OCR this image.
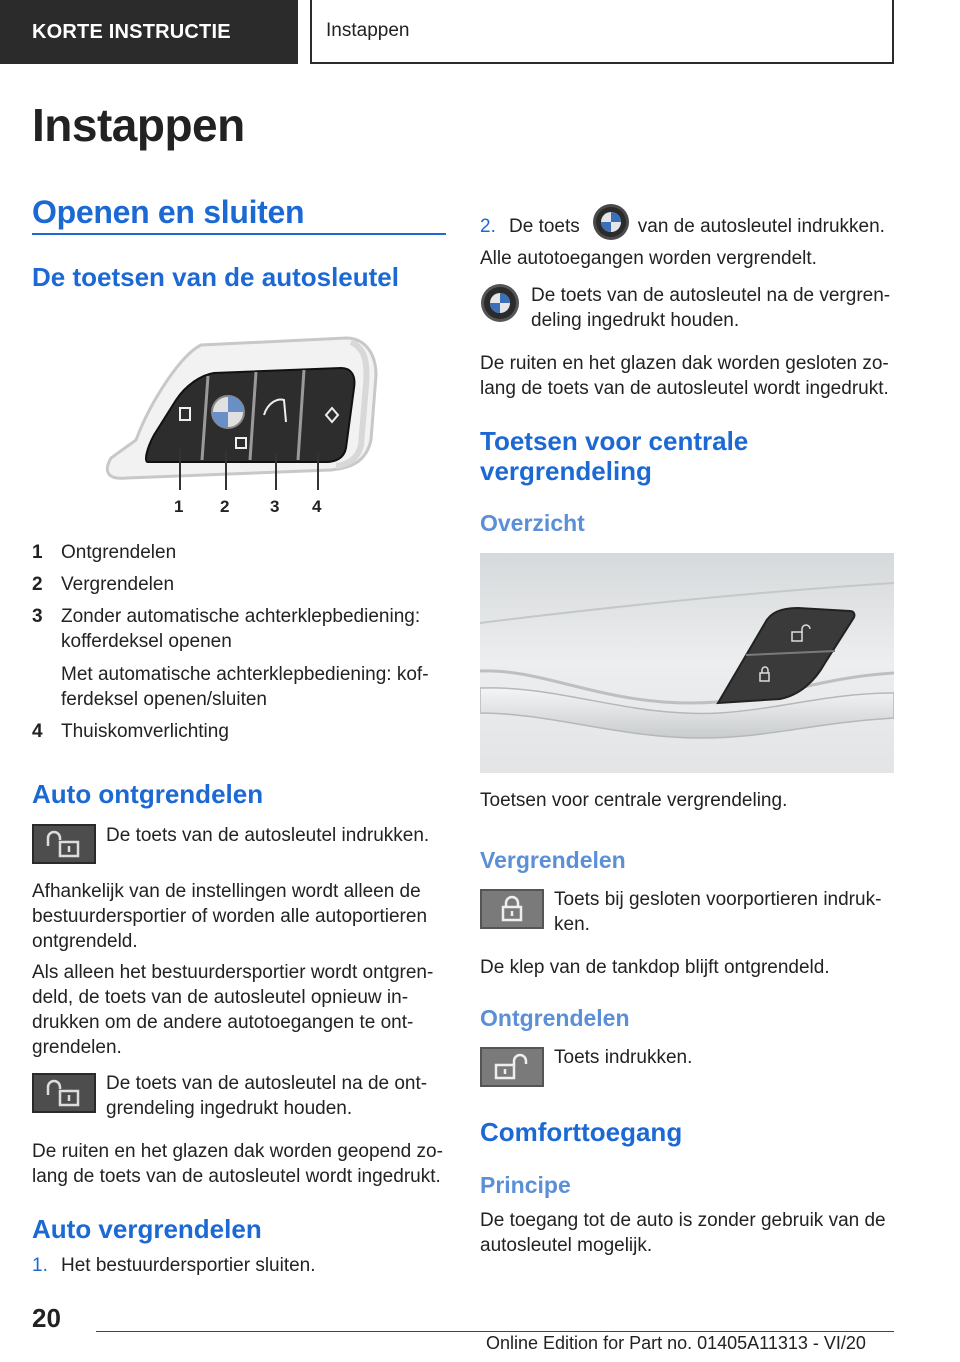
KORTE INSTRUCTIE	Instappen
Instappen
Openen en sluiten
De toetsen van de autosleutel
1 2 3 4
1 Ontgrendelen
2 Vergrendelen
3 Zonder automatische achterklepbediening:
kofferdeksel openen
Met automatische achterklepbediening: kof-
ferdeksel openen/sluiten
4 Thuiskomverlichting
Auto ontgrendelen
De toets van de autosleutel indrukken.
Afhankelijk van de instellingen wordt alleen de
bestuurdersportier of worden alle autoportieren
ontgrendeld.
Als alleen het bestuurdersportier wordt ontgren-
deld, de toets van de autosleutel opnieuw in-
drukken om de andere autotoegangen te ont-
grendelen.
De toets van de autosleutel na de ont-
grendeling ingedrukt houden.
De ruiten en het glazen dak worden geopend zo-
lang de toets van de autosleutel wordt ingedrukt.
Auto vergrendelen
1. Het bestuurdersportier sluiten.
2. De toets	van de autosleutel indrukken.
Alle autotoegangen worden vergrendelt.
De toets van de autosleutel na de vergren-
deling ingedrukt houden.
De ruiten en het glazen dak worden gesloten zo-
lang de toets van de autosleutel wordt ingedrukt.
Toetsen voor centrale
vergrendeling
Overzicht
Toetsen voor centrale vergrendeling.
Vergrendelen
Toets bij gesloten voorportieren indruk-
ken.
De klep van de tankdop blijft ontgrendeld.
Ontgrendelen
Toets indrukken.
Comforttoegang
Principe
De toegang tot de auto is zonder gebruik van de
autosleutel mogelijk.
20
Online Edition for Part no. 01405A11313 - VI/20
